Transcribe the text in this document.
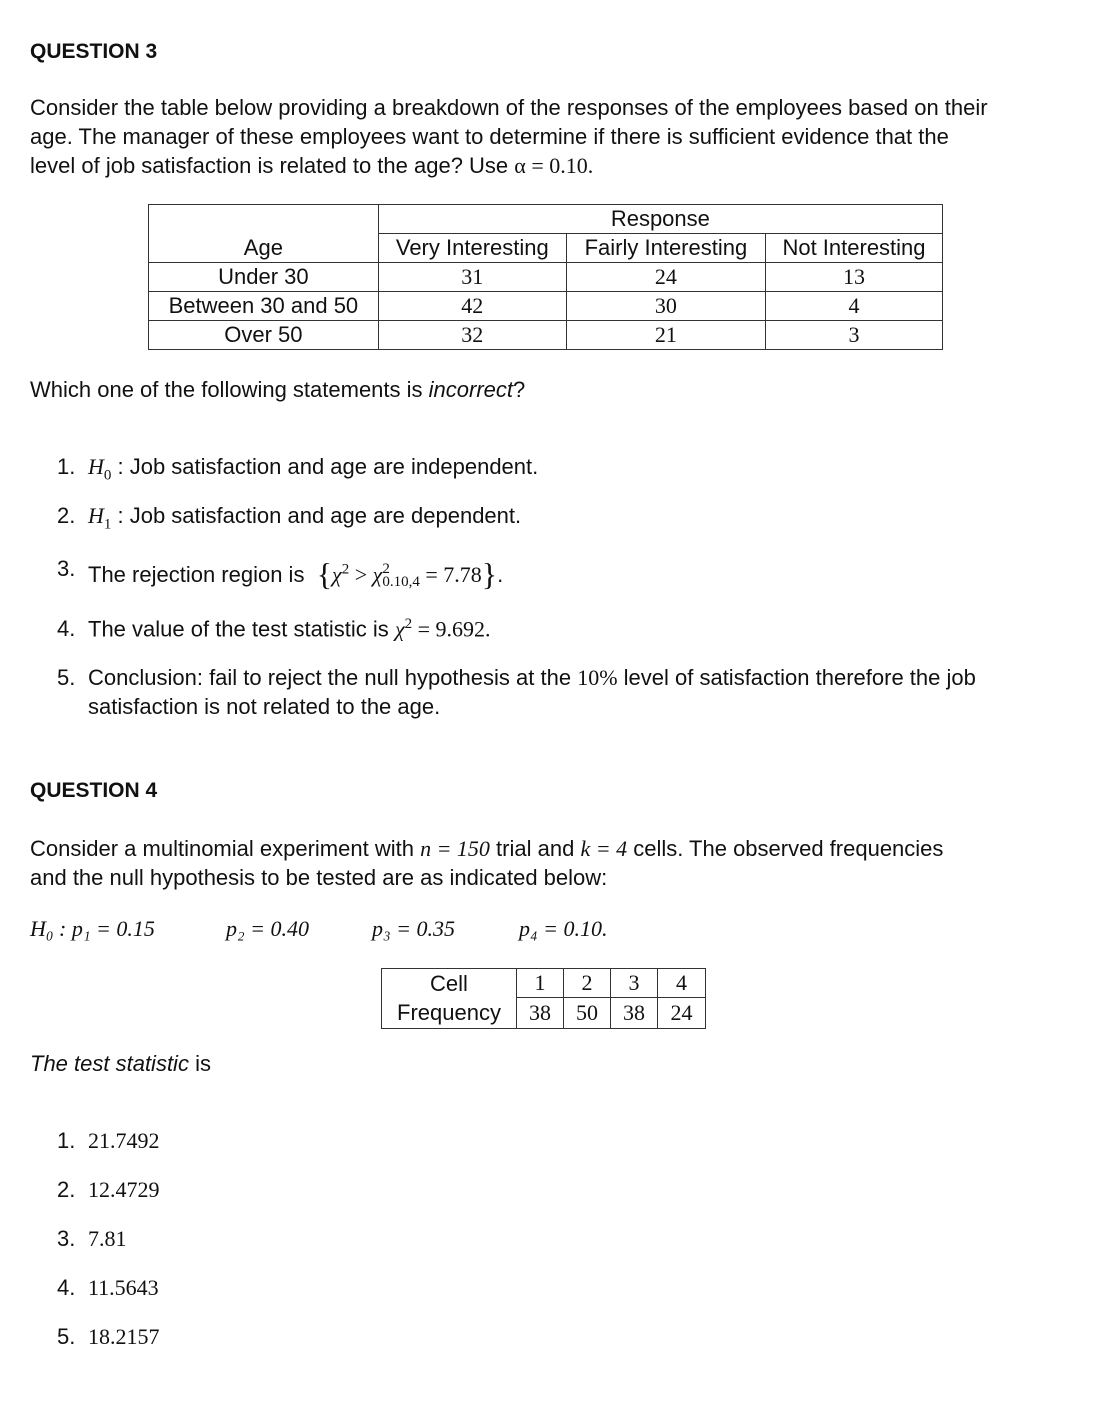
QUESTION 3
Consider the table below providing a breakdown of the responses of the employees based on their
age. The manager of these employees want to determine if there is sufficient evidence that the
level of job satisfaction is related to the age? Use α = 0.10.
	Response		
Age	Very Interesting	Fairly Interesting	Not Interesting
Under 30	31	24	13
Between 30 and 50	42	30	4
Over 50	32	21	3
Which one of the following statements is incorrect?
1. $H_0$ : Job satisfaction and age are independent.
2. $H_1$ : Job satisfaction and age are dependent.
3. The rejection region is {$\chi^2 > \chi$ 2
0.10,4 = 7.78}.
4. The value of the test statistic is $\chi^2 = 9.692$.
5. Conclusion: fail to reject the null hypothesis at the 10% level of satisfaction therefore the job
satisfaction is not related to the age.
QUESTION 4
Consider a multinomial experiment with n = 150 trial and k = 4 cells. The observed frequencies
and the null hypothesis to be tested are as indicated below:
H₀ : p₁ = 0.15	p₂ = 0.40	p₃ = 0.35	p₄ = 0.10.
Cell	1	2	3	4
Frequency	38	50	38	24
The test statistic is
1. 21.7492
2. 12.4729
3. 7.81
4. 11.5643
5. 18.2157
